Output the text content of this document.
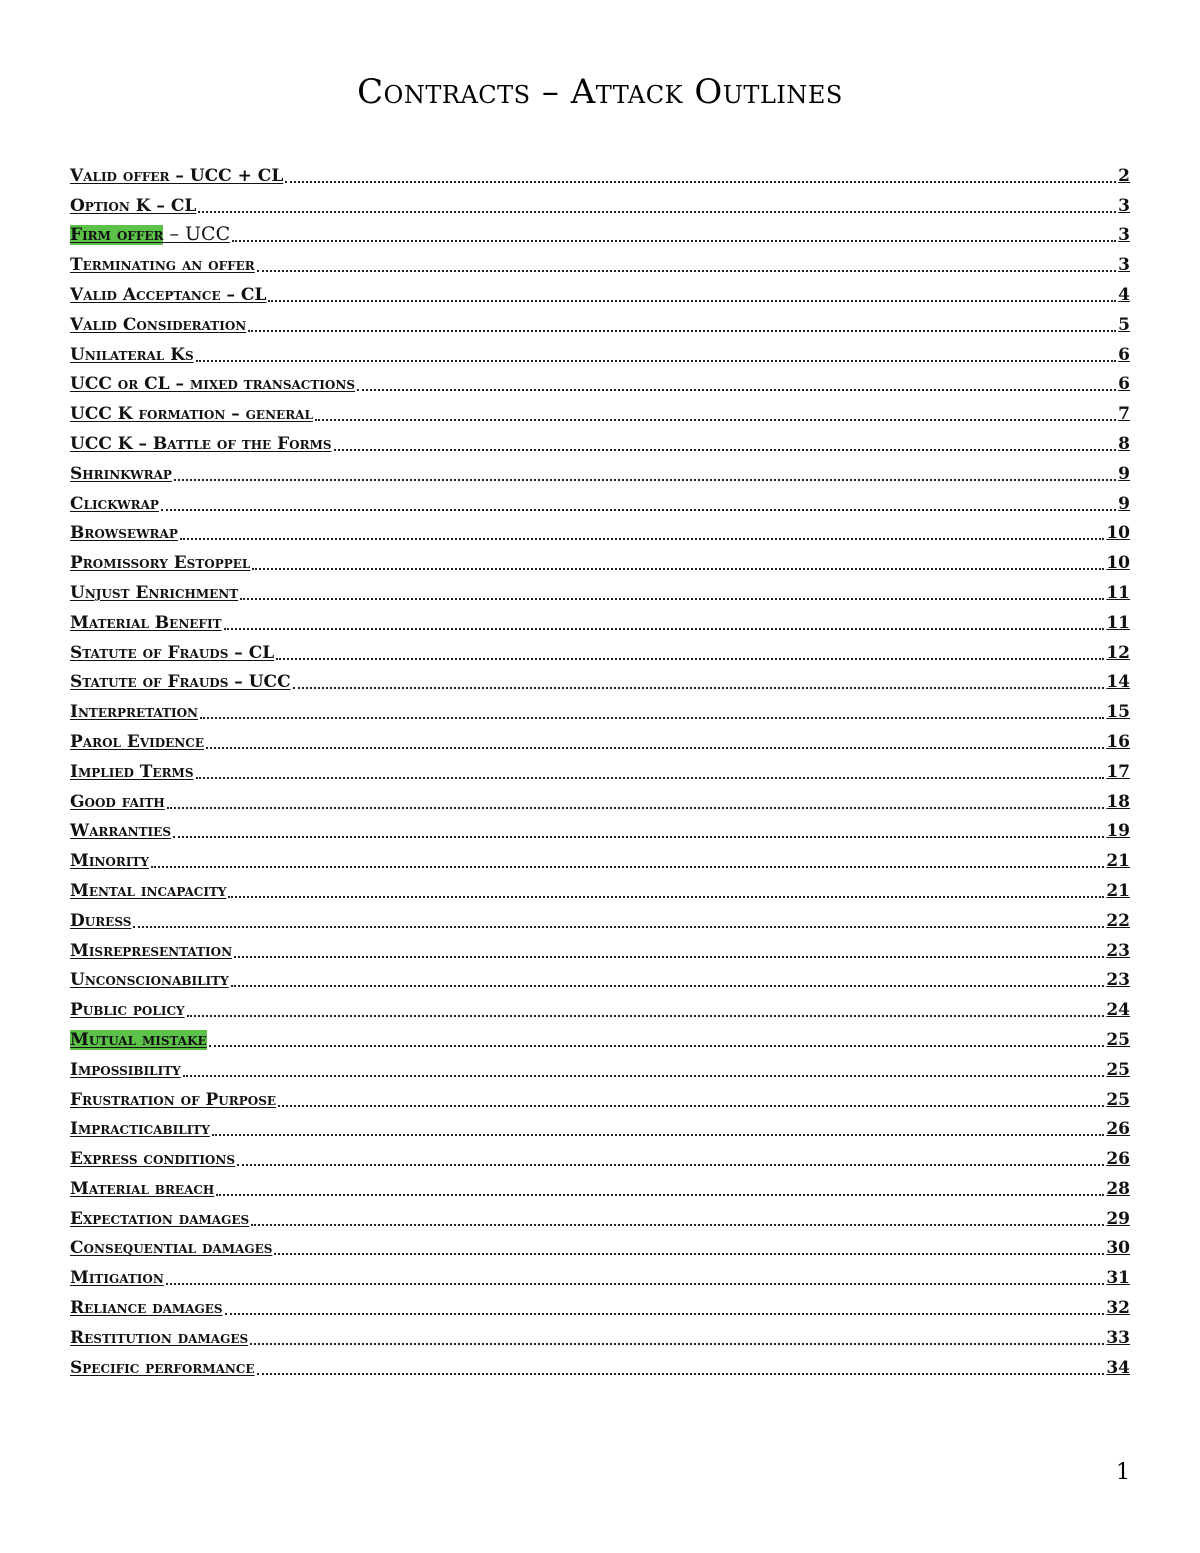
Contracts – Attack Outlines
Valid offer – UCC + CL	2
Option K – CL	3
Firm offer – UCC	3
Terminating an offer	3
Valid Acceptance – CL	4
Valid Consideration	5
Unilateral Ks	6
UCC or CL – mixed transactions	6
UCC K formation – general	7
UCC K – Battle of the Forms	8
Shrinkwrap	9
Clickwrap	9
Browsewrap	10
Promissory Estoppel	10
Unjust Enrichment	11
Material Benefit	11
Statute of Frauds – CL	12
Statute of Frauds – UCC	14
Interpretation	15
Parol Evidence	16
Implied Terms	17
Good faith	18
Warranties	19
Minority	21
Mental incapacity	21
Duress	22
Misrepresentation	23
Unconscionability	23
Public policy	24
Mutual mistake	25
Impossibility	25
Frustration of Purpose	25
Impracticability	26
Express conditions	26
Material breach	28
Expectation damages	29
Consequential damages	30
Mitigation	31
Reliance damages	32
Restitution damages	33
Specific performance	34
1
